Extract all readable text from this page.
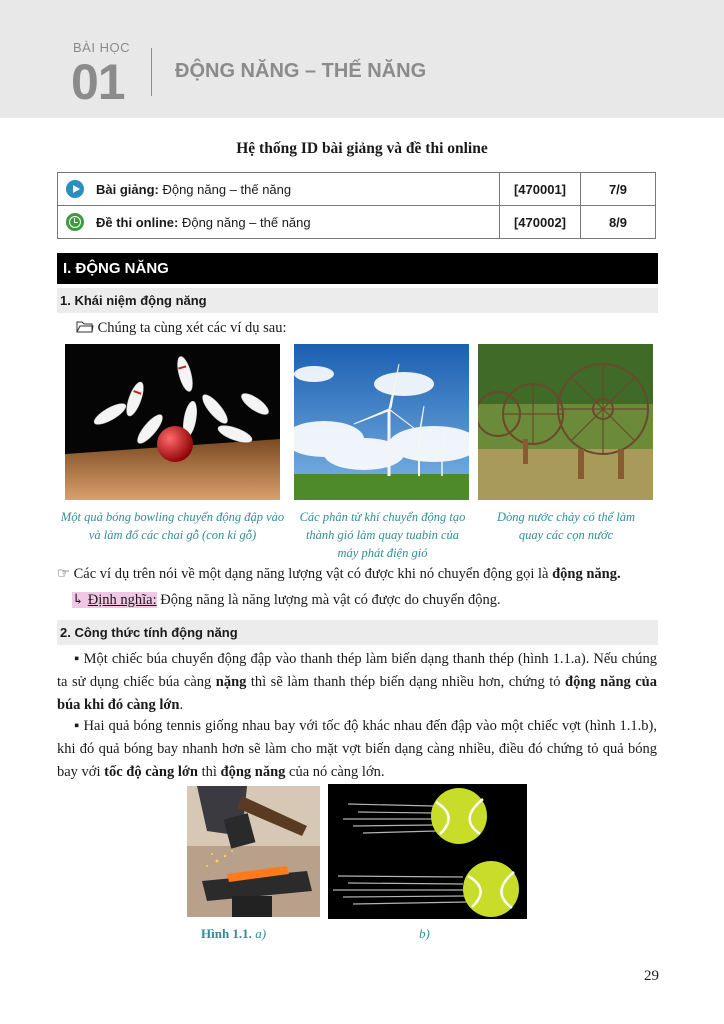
BÀI HỌC
01	ĐỘNG NĂNG – THẾ NĂNG
Hệ thống ID bài giảng và đề thi online
Bài giảng: Động năng – thế năng	[470001]	7/9

Đề thi online: Động năng – thế năng	[470002]	8/9
I. ĐỘNG NĂNG
1. Khái niệm động năng
Chúng ta cùng xét các ví dụ sau:
Một quả bóng bowling chuyển động đập vào và làm đổ các chai gỗ (con ki gỗ)
Các phân tử khí chuyển động tạo thành gió làm quay tuabin của máy phát điện gió
Dòng nước chảy có thể làm quay các cọn nước
☞ Các ví dụ trên nói về một dạng năng lượng vật có được khi nó chuyển động gọi là động năng.
↳ Định nghĩa: Động năng là năng lượng mà vật có được do chuyển động.
2. Công thức tính động năng
▪ Một chiếc búa chuyển động đập vào thanh thép làm biến dạng thanh thép (hình 1.1.a). Nếu chúng ta sử dụng chiếc búa càng nặng thì sẽ làm thanh thép biến dạng nhiều hơn, chứng tỏ động năng của búa khi đó càng lớn.
▪ Hai quả bóng tennis giống nhau bay với tốc độ khác nhau đến đập vào một chiếc vợt (hình 1.1.b), khi đó quả bóng bay nhanh hơn sẽ làm cho mặt vợt biến dạng càng nhiều, điều đó chứng tỏ quả bóng bay với tốc độ càng lớn thì động năng của nó càng lớn.
Hình 1.1. a)	b)
29
